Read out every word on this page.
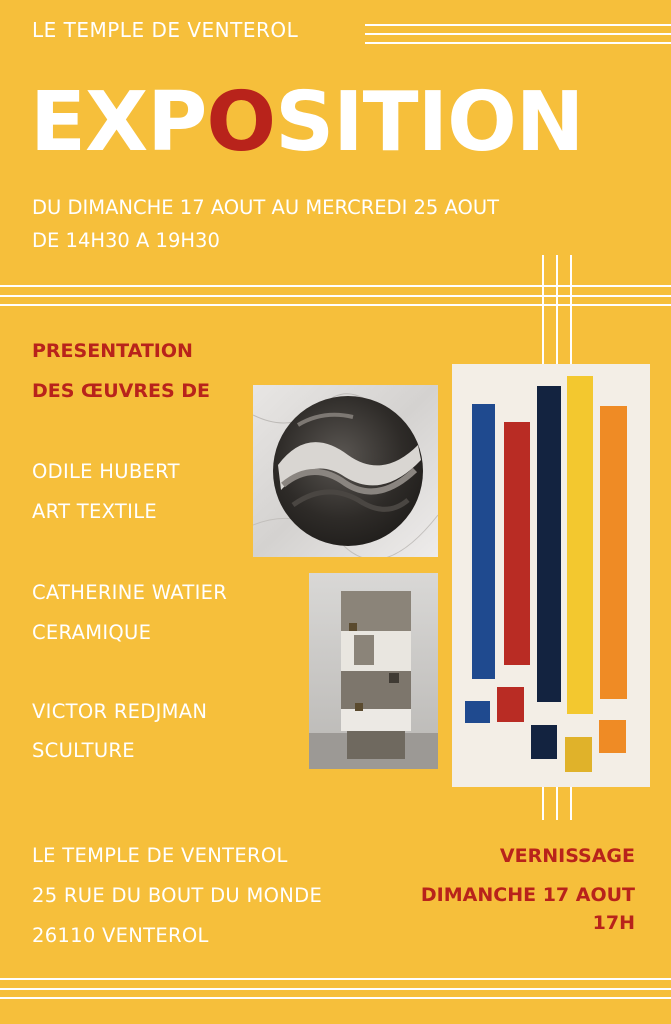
LE TEMPLE DE VENTEROL
EXPOSITION
DU DIMANCHE 17 AOUT AU MERCREDI 25 AOUT
DE 14H30 A 19H30
PRESENTATION
DES ŒUVRES DE
ODILE HUBERT
ART TEXTILE
CATHERINE WATIER
CERAMIQUE
VICTOR REDJMAN
SCULTURE
LE TEMPLE DE VENTEROL
25 RUE DU BOUT DU MONDE
26110 VENTEROL
VERNISSAGE
DIMANCHE 17 AOUT
17H
